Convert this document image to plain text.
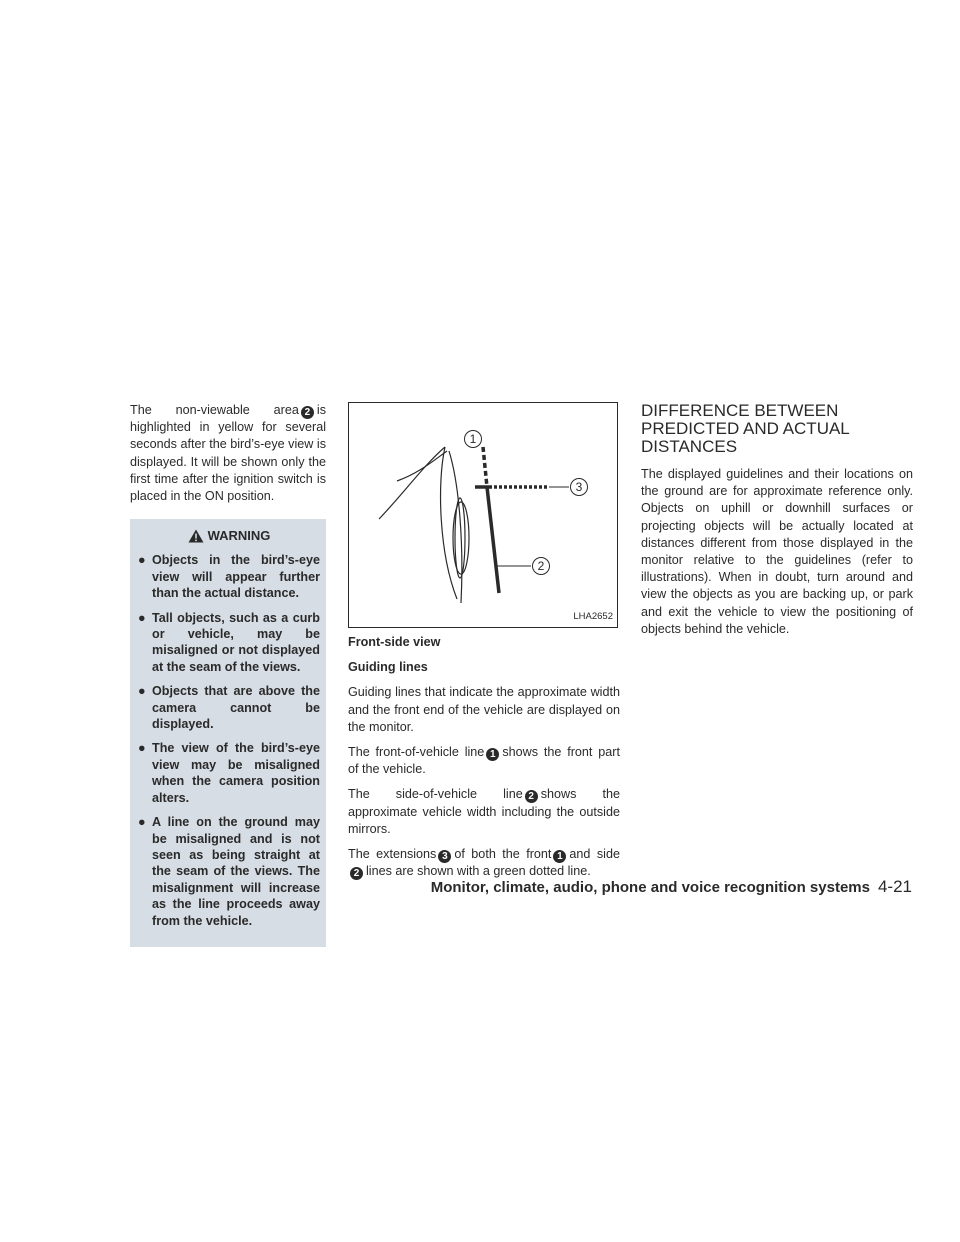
The non-viewable area 2 is highlighted in yellow for several seconds after the bird’s-eye view is displayed. It will be shown only the first time after the ignition switch is placed in the ON position.

WARNING
● Objects in the bird’s-eye view will appear further than the actual distance.
● Tall objects, such as a curb or vehicle, may be misaligned or not displayed at the seam of the views.
● Objects that are above the camera cannot be displayed.
● The view of the bird’s-eye view may be misaligned when the camera position alters.
● A line on the ground may be misaligned and is not seen as being straight at the seam of the views. The misalignment will increase as the line proceeds away from the vehicle.
1
3
2
LHA2652
Front-side view
Guiding lines

Guiding lines that indicate the approximate width and the front end of the vehicle are displayed on the monitor.

The front-of-vehicle line 1 shows the front part of the vehicle.

The side-of-vehicle line 2 shows the approximate vehicle width including the outside mirrors.

The extensions 3 of both the front 1 and side 2 lines are shown with a green dotted line.

DIFFERENCE BETWEEN PREDICTED AND ACTUAL DISTANCES

The displayed guidelines and their locations on the ground are for approximate reference only. Objects on uphill or downhill surfaces or projecting objects will be actually located at distances different from those displayed in the monitor relative to the guidelines (refer to illustrations). When in doubt, turn around and view the objects as you are backing up, or park and exit the vehicle to view the positioning of objects behind the vehicle.

Monitor, climate, audio, phone and voice recognition systems 4-21
